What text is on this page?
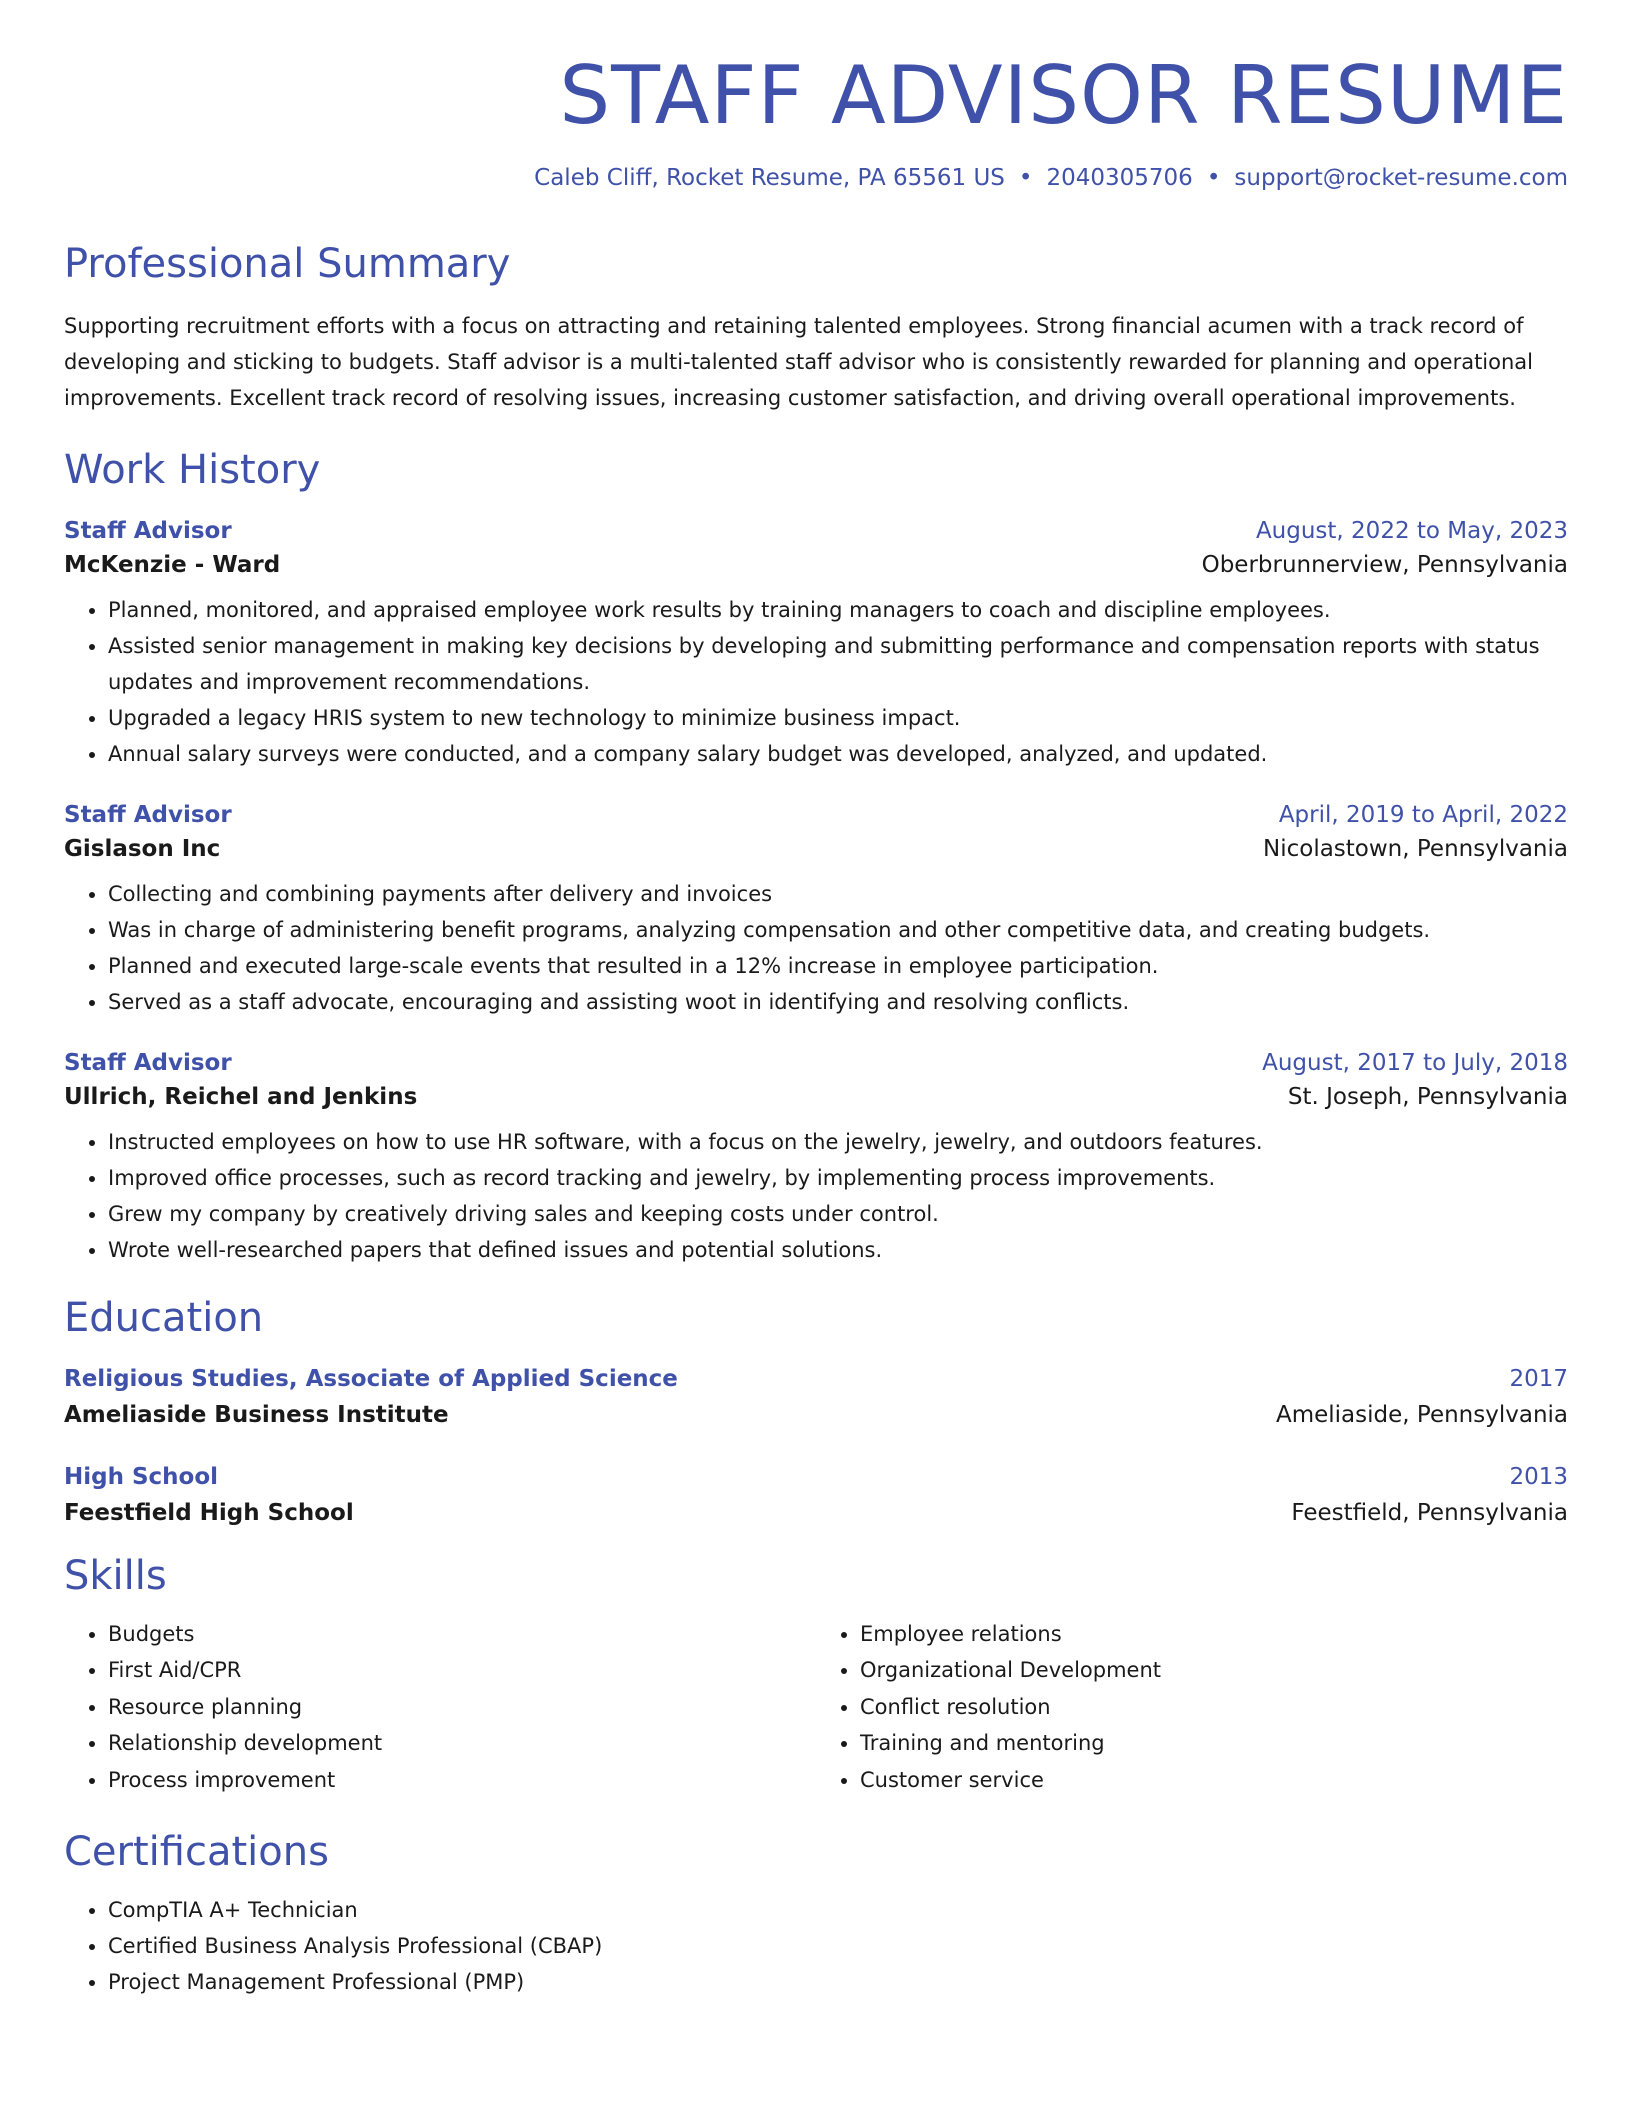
STAFF ADVISOR RESUME
Caleb Cliff, Rocket Resume, PA 65561 US • 2040305706 • support@rocket-resume.com
Professional Summary

Supporting recruitment efforts with a focus on attracting and retaining talented employees. Strong financial acumen with a track record of developing and sticking to budgets. Staff advisor is a multi-talented staff advisor who is consistently rewarded for planning and operational improvements. Excellent track record of resolving issues, increasing customer satisfaction, and driving overall operational improvements.

Work History
Staff Advisor	August, 2022 to May, 2023
McKenzie - Ward	Oberbrunnerview, Pennsylvania
• Planned, monitored, and appraised employee work results by training managers to coach and discipline employees.
• Assisted senior management in making key decisions by developing and submitting performance and compensation reports with status updates and improvement recommendations.
• Upgraded a legacy HRIS system to new technology to minimize business impact.
• Annual salary surveys were conducted, and a company salary budget was developed, analyzed, and updated.
Staff Advisor	April, 2019 to April, 2022
Gislason Inc	Nicolastown, Pennsylvania
• Collecting and combining payments after delivery and invoices
• Was in charge of administering benefit programs, analyzing compensation and other competitive data, and creating budgets.
• Planned and executed large-scale events that resulted in a 12% increase in employee participation.
• Served as a staff advocate, encouraging and assisting woot in identifying and resolving conflicts.
Staff Advisor	August, 2017 to July, 2018
Ullrich, Reichel and Jenkins	St. Joseph, Pennsylvania
• Instructed employees on how to use HR software, with a focus on the jewelry, jewelry, and outdoors features.
• Improved office processes, such as record tracking and jewelry, by implementing process improvements.
• Grew my company by creatively driving sales and keeping costs under control.
• Wrote well-researched papers that defined issues and potential solutions.
Education
Religious Studies, Associate of Applied Science	2017
Ameliaside Business Institute	Ameliaside, Pennsylvania
High School	2013
Feestfield High School	Feestfield, Pennsylvania
Skills
• Budgets
• First Aid/CPR
• Resource planning
• Relationship development
• Process improvement
• Employee relations
• Organizational Development
• Conflict resolution
• Training and mentoring
• Customer service
Certifications
• CompTIA A+ Technician
• Certified Business Analysis Professional (CBAP)
• Project Management Professional (PMP)
